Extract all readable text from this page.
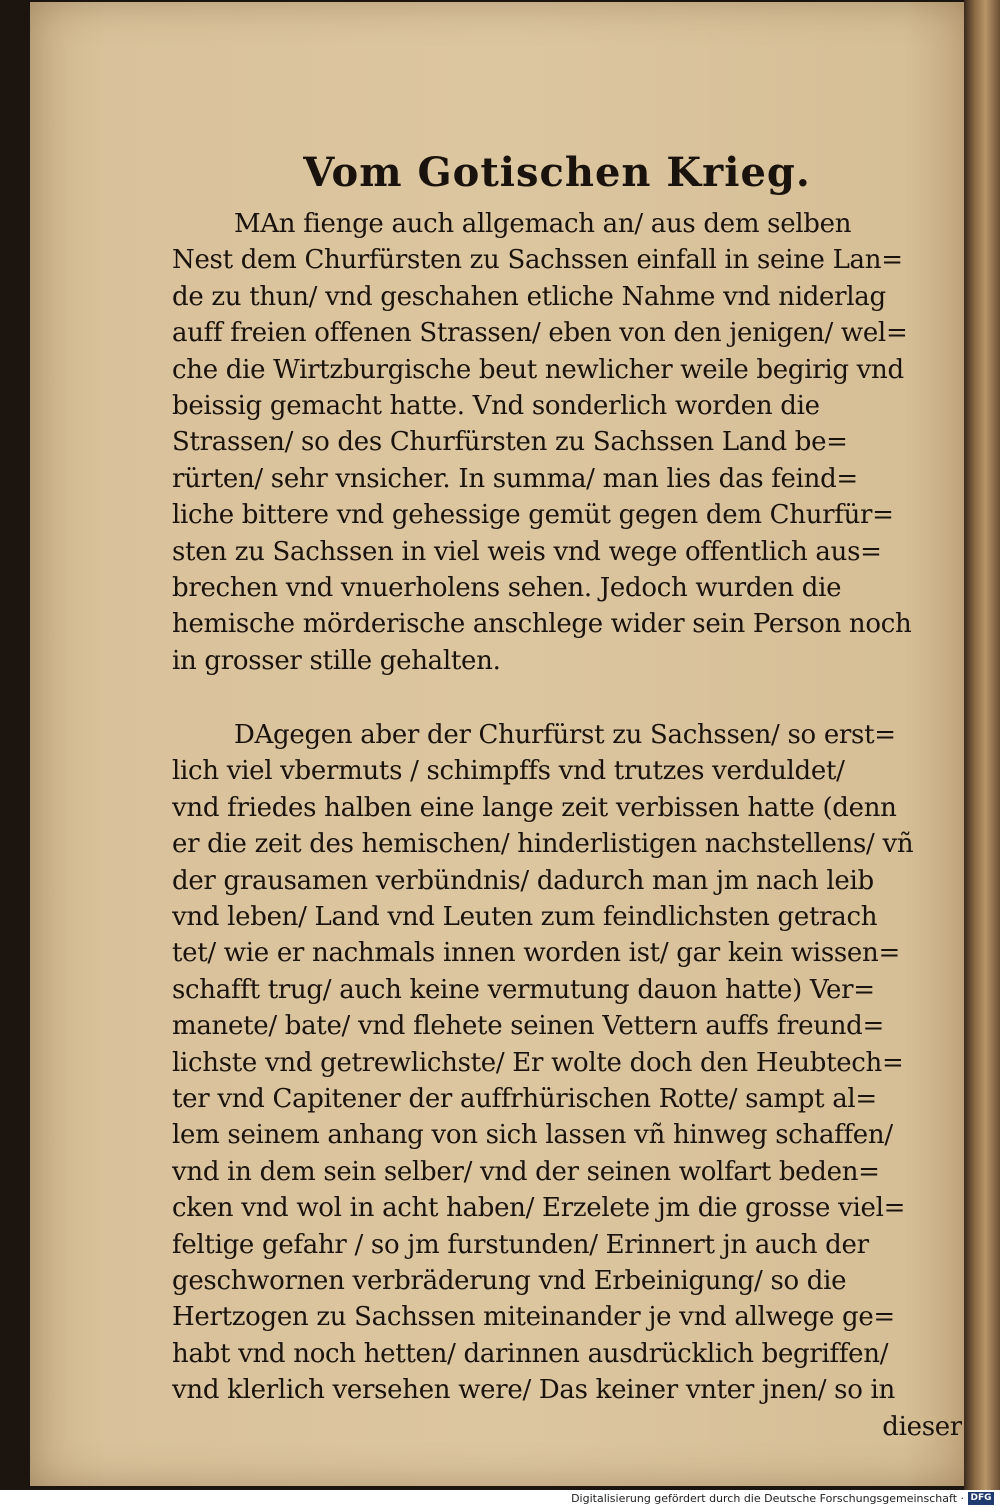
Vom Gotischen Krieg.
MAn fienge auch allgemach an/ aus dem selben
Nest dem Churfürsten zu Sachssen einfall in seine Lan=
de zu thun/ vnd geschahen etliche Nahme vnd niderlag
auff freien offenen Strassen/ eben von den jenigen/ wel=
che die Wirtzburgische beut newlicher weile begirig vnd
beissig gemacht hatte. Vnd sonderlich worden die
Strassen/ so des Churfürsten zu Sachssen Land be=
rürten/ sehr vnsicher. In summa/ man lies das feind=
liche bittere vnd gehessige gemüt gegen dem Churfür=
sten zu Sachssen in viel weis vnd wege offentlich aus=
brechen vnd vnuerholens sehen. Jedoch wurden die
hemische mörderische anschlege wider sein Person noch
in grosser stille gehalten.
DAgegen aber der Churfürst zu Sachssen/ so erst=
lich viel vbermuts / schimpffs vnd trutzes verduldet/
vnd friedes halben eine lange zeit verbissen hatte (denn
er die zeit des hemischen/ hinderlistigen nachstellens/ vñ
der grausamen verbündnis/ dadurch man jm nach leib
vnd leben/ Land vnd Leuten zum feindlichsten getrach
tet/ wie er nachmals innen worden ist/ gar kein wissen=
schafft trug/ auch keine vermutung dauon hatte) Ver=
manete/ bate/ vnd flehete seinen Vettern auffs freund=
lichste vnd getrewlichste/ Er wolte doch den Heubtech=
ter vnd Capitener der auffrhürischen Rotte/ sampt al=
lem seinem anhang von sich lassen vñ hinweg schaffen/
vnd in dem sein selber/ vnd der seinen wolfart beden=
cken vnd wol in acht haben/ Erzelete jm die grosse viel=
feltige gefahr / so jm furstunden/ Erinnert jn auch der
geschwornen verbräderung vnd Erbeinigung/ so die
Hertzogen zu Sachssen miteinander je vnd allwege ge=
habt vnd noch hetten/ darinnen ausdrücklich begriffen/
vnd klerlich versehen were/ Das keiner vnter jnen/ so in
dieser
Digitalisierung gefördert durch die Deutsche Forschungsgemeinschaft · DFG
